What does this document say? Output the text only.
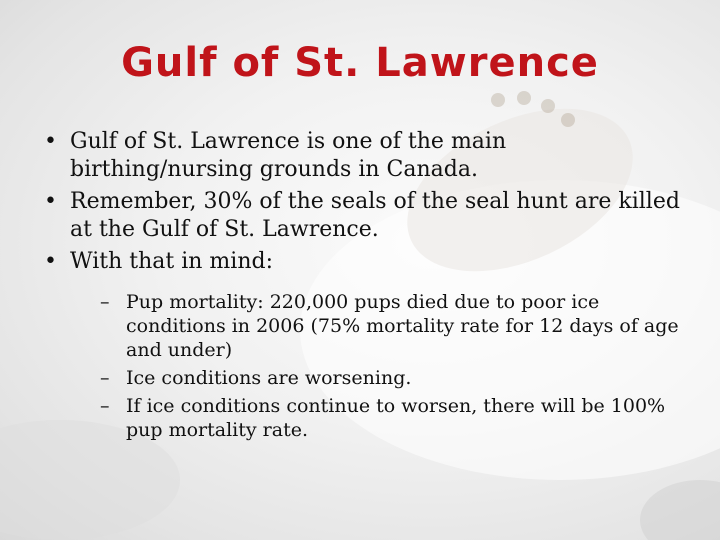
Gulf of St. Lawrence
• Gulf of St. Lawrence is one of the main birthing/nursing grounds in Canada.
• Remember, 30% of the seals of the seal hunt are killed at the Gulf of St. Lawrence.
• With that in mind:
– Pup mortality: 220,000 pups died due to poor ice conditions in 2006 (75% mortality rate for 12 days of age and under)
– Ice conditions are worsening.
– If ice conditions continue to worsen, there will be 100% pup mortality rate.
